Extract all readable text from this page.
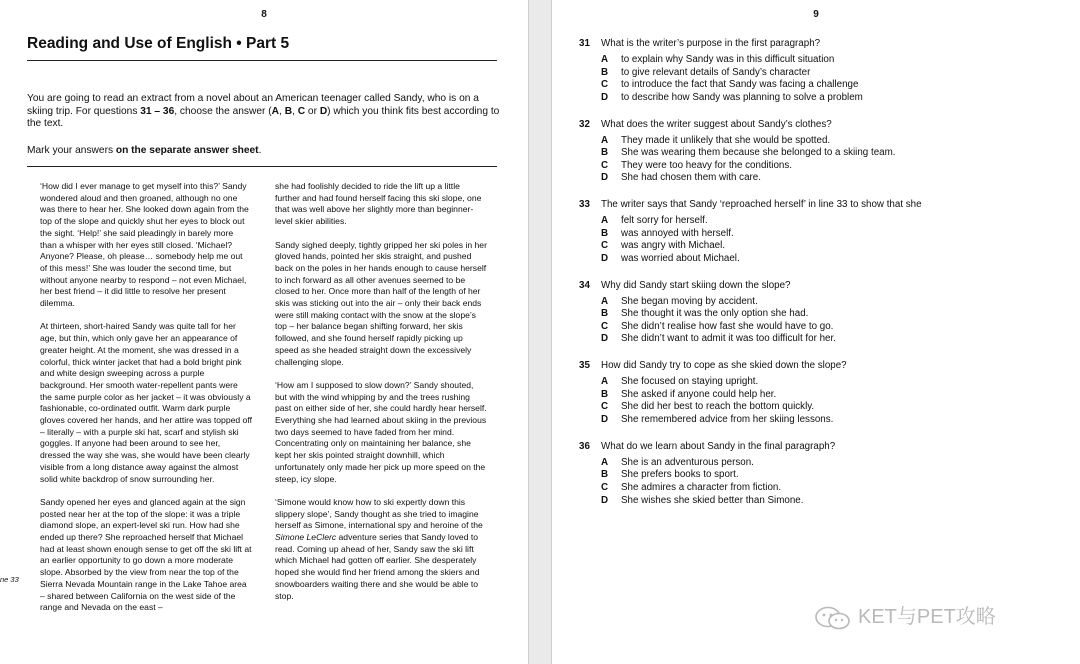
8
Reading and Use of English • Part 5
You are going to read an extract from a novel about an American teenager called Sandy, who is on a skiing trip. For questions 31 – 36, choose the answer (A, B, C or D) which you think fits best according to the text.
Mark your answers on the separate answer sheet.

‘How did I ever manage to get myself into this?’ Sandy wondered aloud and then groaned, although no one was there to hear her. She looked down again from the top of the slope and quickly shut her eyes to block out the sight. ‘Help!’ she said pleadingly in barely more than a whisper with her eyes still closed. ‘Michael? Anyone? Please, oh please… somebody help me out of this mess!’ She was louder the second time, but without anyone nearby to respond – not even Michael, her best friend – it did little to resolve her present dilemma.

At thirteen, short-haired Sandy was quite tall for her age, but thin, which only gave her an appearance of greater height. At the moment, she was dressed in a colorful, thick winter jacket that had a bold bright pink and white design sweeping across a purple background. Her smooth water-repellent pants were the same purple color as her jacket – it was obviously a fashionable, co-ordinated outfit. Warm dark purple gloves covered her hands, and her attire was topped off – literally – with a purple ski hat, scarf and stylish ski goggles. If anyone had been around to see her, dressed the way she was, she would have been clearly visible from a long distance away against the almost solid white backdrop of snow surrounding her.

Sandy opened her eyes and glanced again at the sign posted near her at the top of the slope: it was a triple diamond slope, an expert-level ski run. How had she ended up there? She reproached herself that Michael had at least shown enough sense to get off the ski lift at an earlier opportunity to go down a more moderate slope. Absorbed by the view from near the top of the Sierra Nevada Mountain range in the Lake Tahoe area – shared between California on the west side of the range and Nevada on the east –

she had foolishly decided to ride the lift up a little further and had found herself facing this ski slope, one that was well above her slightly more than beginner-level skier abilities.

Sandy sighed deeply, tightly gripped her ski poles in her gloved hands, pointed her skis straight, and pushed back on the poles in her hands enough to cause herself to inch forward as all other avenues seemed to be closed to her. Once more than half of the length of her skis was sticking out into the air – only their back ends were still making contact with the snow at the slope’s top – her balance began shifting forward, her skis followed, and she found herself rapidly picking up speed as she headed straight down the excessively challenging slope.

‘How am I supposed to slow down?’ Sandy shouted, but with the wind whipping by and the trees rushing past on either side of her, she could hardly hear herself. Everything she had learned about skiing in the previous two days seemed to have faded from her mind. Concentrating only on maintaining her balance, she kept her skis pointed straight downhill, which unfortunately only made her pick up more speed on the steep, icy slope.

‘Simone would know how to ski expertly down this slippery slope’, Sandy thought as she tried to imagine herself as Simone, international spy and heroine of the Simone LeClerc adventure series that Sandy loved to read. Coming up ahead of her, Sandy saw the ski lift which Michael had gotten off earlier. She desperately hoped she would find her friend among the skiers and snowboarders waiting there and she would be able to stop.

ne 33
9
31 What is the writer’s purpose in the first paragraph?
A to explain why Sandy was in this difficult situation
B to give relevant details of Sandy’s character
C to introduce the fact that Sandy was facing a challenge
D to describe how Sandy was planning to solve a problem
32 What does the writer suggest about Sandy’s clothes?
A They made it unlikely that she would be spotted.
B She was wearing them because she belonged to a skiing team.
C They were too heavy for the conditions.
D She had chosen them with care.
33 The writer says that Sandy ‘reproached herself’ in line 33 to show that she
A felt sorry for herself.
B was annoyed with herself.
C was angry with Michael.
D was worried about Michael.
34 Why did Sandy start skiing down the slope?
A She began moving by accident.
B She thought it was the only option she had.
C She didn’t realise how fast she would have to go.
D She didn’t want to admit it was too difficult for her.
35 How did Sandy try to cope as she skied down the slope?
A She focused on staying upright.
B She asked if anyone could help her.
C She did her best to reach the bottom quickly.
D She remembered advice from her skiing lessons.
36 What do we learn about Sandy in the final paragraph?
A She is an adventurous person.
B She prefers books to sport.
C She admires a character from fiction.
D She wishes she skied better than Simone.
KET与PET攻略
